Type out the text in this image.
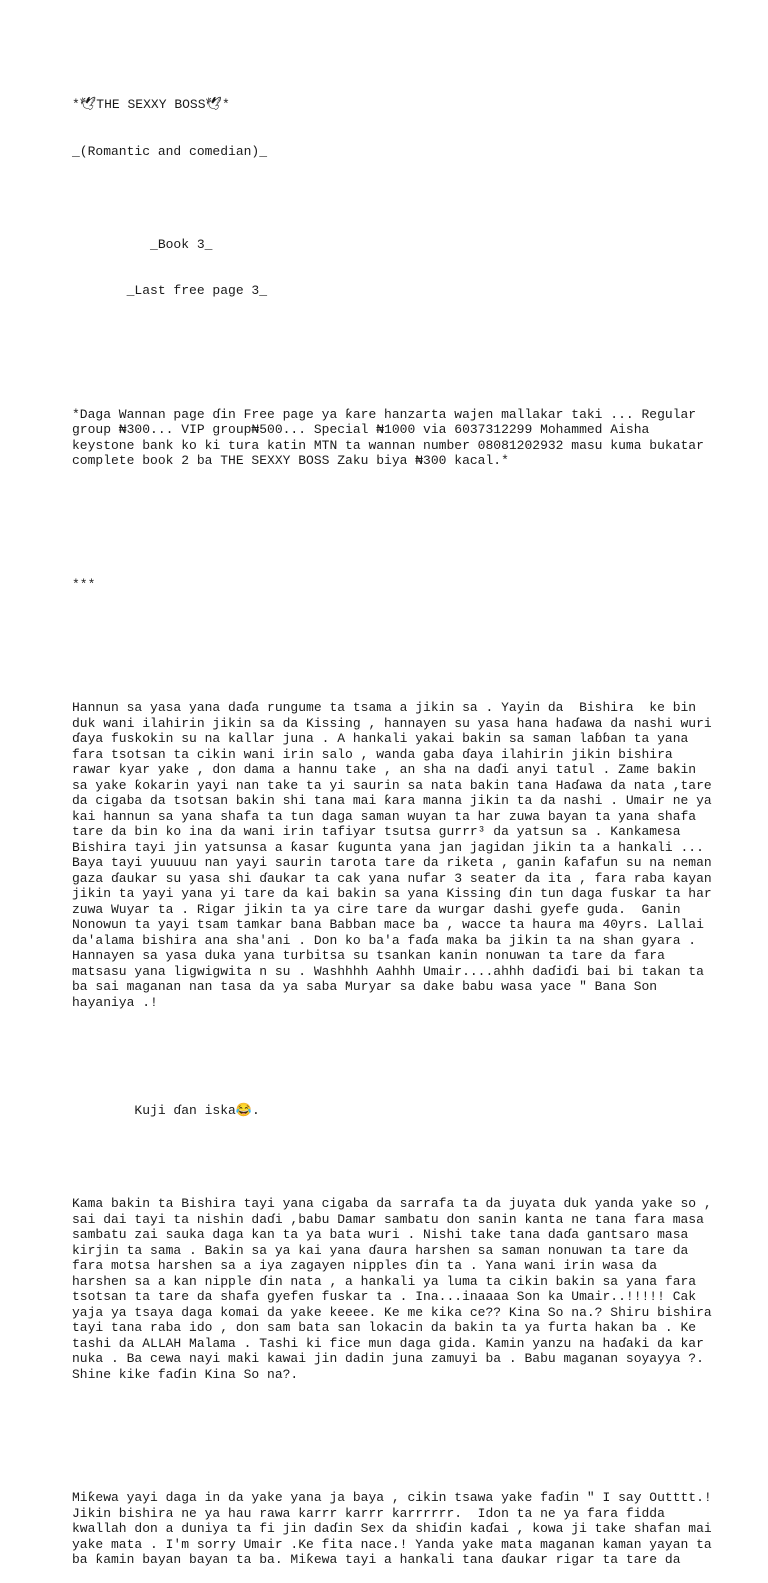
*🕊︎THE SEXXY BOSS🕊︎*

_(Romantic and comedian)_

_Book 3_

_Last free page 3_

*Daga Wannan page ɗin Free page ya ƙare hanzarta wajen mallakar taki ... Regular group ₦300... VIP group₦500... Special ₦1000 via 6037312299 Mohammed Aisha keystone bank ko ki tura katin MTN ta wannan number 08081202932 masu kuma bukatar complete book 2 ba THE SEXXY BOSS Zaku biya ₦300 kacal.*

***

Hannun sa yasa yana daɗa rungume ta tsama a jikin sa . Yayin da  Bishira  ke bin duk wani ilahirin jikin sa da Kissing , hannayen su yasa hana haɗawa da nashi wuri ɗaya fuskokin su na kallar juna . A hankali yakai bakin sa saman laɓɓan ta yana fara tsotsan ta cikin wani irin salo , wanda gaba ɗaya ilahirin jikin bishira rawar kyar yake , don dama a hannu take , an sha na daɗi anyi tatul . Zame bakin sa yake ƙokarin yayi nan take ta yi saurin sa nata bakin tana Haɗawa da nata ,tare da cigaba da tsotsan bakin shi tana mai ƙara manna jikin ta da nashi . Umair ne ya kai hannun sa yana shafa ta tun daga saman wuyan ta har zuwa bayan ta yana shafa tare da bin ko ina da wani irin tafiyar tsutsa gurrr³ da yatsun sa . Kankamesa Bishira tayi jin yatsunsa a ƙasar ƙugunta yana jan jagidan jikin ta a hankali ... Baya tayi yuuuuu nan yayi saurin tarota tare da riketa , ganin ƙafafun su na neman gaza ɗaukar su yasa shi ɗaukar ta cak yana nufar 3 seater da ita , fara raba kayan jikin ta yayi yana yi tare da kai bakin sa yana Kissing ɗin tun daga fuskar ta har zuwa Wuyar ta . Rigar jikin ta ya cire tare da wurgar dashi gyefe guda.  Ganin Nonowun ta yayi tsam tamkar bana Babban mace ba , wacce ta haura ma 40yrs. Lallai da'alama bishira ana sha'ani . Don ko ba'a faɗa maka ba jikin ta na shan gyara . Hannayen sa yasa duka yana turbitsa su tsankan kanin nonuwan ta tare da fara matsasu yana ligwigwita n su . Washhhh Aahhh Umair....ahhh daɗiɗi bai bi takan ta ba sai maganan nan tasa da ya saba Muryar sa dake babu wasa yace " Bana Son hayaniya .!

Kuji ɗan iska😂.

Kama bakin ta Bishira tayi yana cigaba da sarrafa ta da juyata duk yanda yake so , sai dai tayi ta nishin daɗi ,babu Damar sambatu don sanin kanta ne tana fara masa sambatu zai sauka daga kan ta ya bata wuri . Nishi take tana daɗa gantsaro masa kirjin ta sama . Bakin sa ya kai yana ɗaura harshen sa saman nonuwan ta tare da fara motsa harshen sa a iya zagayen nipples ɗin ta . Yana wani irin wasa da harshen sa a kan nipple ɗin nata , a hankali ya luma ta cikin bakin sa yana fara tsotsan ta tare da shafa gyefen fuskar ta . Ina...inaaaa Son ka Umair..!!!!! Cak yaja ya tsaya daga komai da yake keeee. Ke me kika ce?? Kina So na.? Shiru bishira tayi tana raba ido , don sam bata san lokacin da bakin ta ya furta hakan ba . Ke tashi da ALLAH Malama . Tashi ki fice mun daga gida. Kamin yanzu na haɗaki da kar nuka . Ba cewa nayi maki kawai jin dadin juna zamuyi ba . Babu maganan soyayya ?. Shine kike faɗin Kina So na?.

Miƙewa yayi daga in da yake yana ja baya , cikin tsawa yake faɗin " I say Outttt.! Jikin bishira ne ya hau rawa karrr karrr karrrrrr.  Idon ta ne ya fara fidda kwallah don a duniya ta fi jin daɗin Sex da shiɗin kaɗai , kowa ji take shafan mai yake mata . I'm sorry Umair .Ke fita nace.! Yanda yake mata maganan kaman yayan ta ba ƙamin bayan bayan ta ba. Miƙewa tayi a hankali tana ɗaukar rigar ta tare da
